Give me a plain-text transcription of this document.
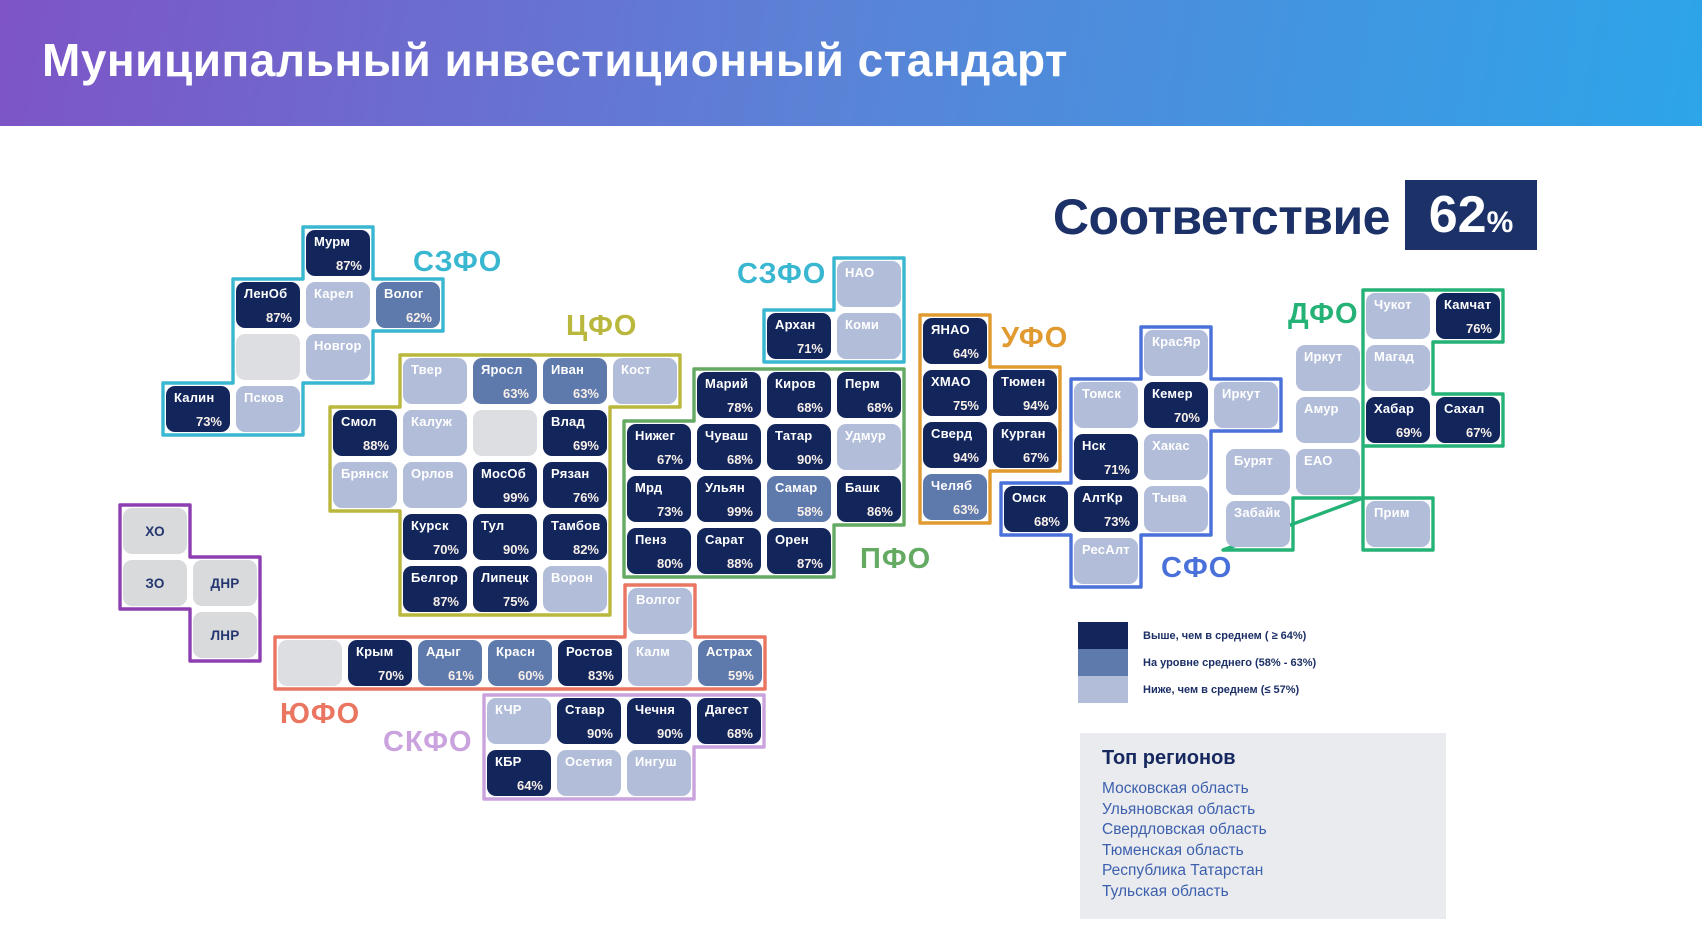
Муниципальный инвестиционный стандарт
СЗФО
Мурм
87%
ЛенОб
87%
Карел Волог
62%
Новгор
Калин
73%
Псков
ЦФО
Твер	Яросл
63%
Иван
63%
Кост
Смол
88%
Калуж	Влад
69%
Брянск Орлов МосОб
99%
Рязан
76%
Курск
70%
Тул
90%
Тамбов
82%
Белгор
87%
Липецк
75%
Ворон
СЗФО НАО
Архан
71%
Коми
ПФО
Марий
78%
Киров
68%
Перм
68%
Нижег
67%
Чуваш
68%
Татар
90%
Удмур
Мрд
73%
Ульян
99%
Самар
58%
Башк
86%
Пенз
80%
Сарат
88%
Орен
87%
УФО
ЯНАО
64%
ХМАО
75%
Тюмен
94%
Сверд
94%
Курган
67%
Челяб
63%
СФО
КрасЯр
Томск Кемер
70%
Иркут
Нск
71%
Хакас
Омск
68%
АлтКр
73%
Тыва
РесАлт
ДФО Чукот Камчат
76%
Иркут Магад
Амур	Хабар
69%
Сахал
67%
Бурят ЕАО
Забайк	Прим
ЮФО
Волгог
Крым
70%
Адыг
61%
Красн
60%
Ростов
83%
Калм	Астрах
59%
СКФО
КЧР	Ставр
90%
Чечня
90%
Дагест
68%
КБР
64%
Осетия Ингуш
ХО
ЗО	ДНР
ЛНР
Соответствие 62%
Выше, чем в среднем ( ≥ 64%)
На уровне среднего (58% - 63%)
Ниже, чем в среднем (≤ 57%)
Топ регионов
Московская область
Ульяновская область
Свердловская область
Тюменская область
Республика Татарстан
Тульская область
